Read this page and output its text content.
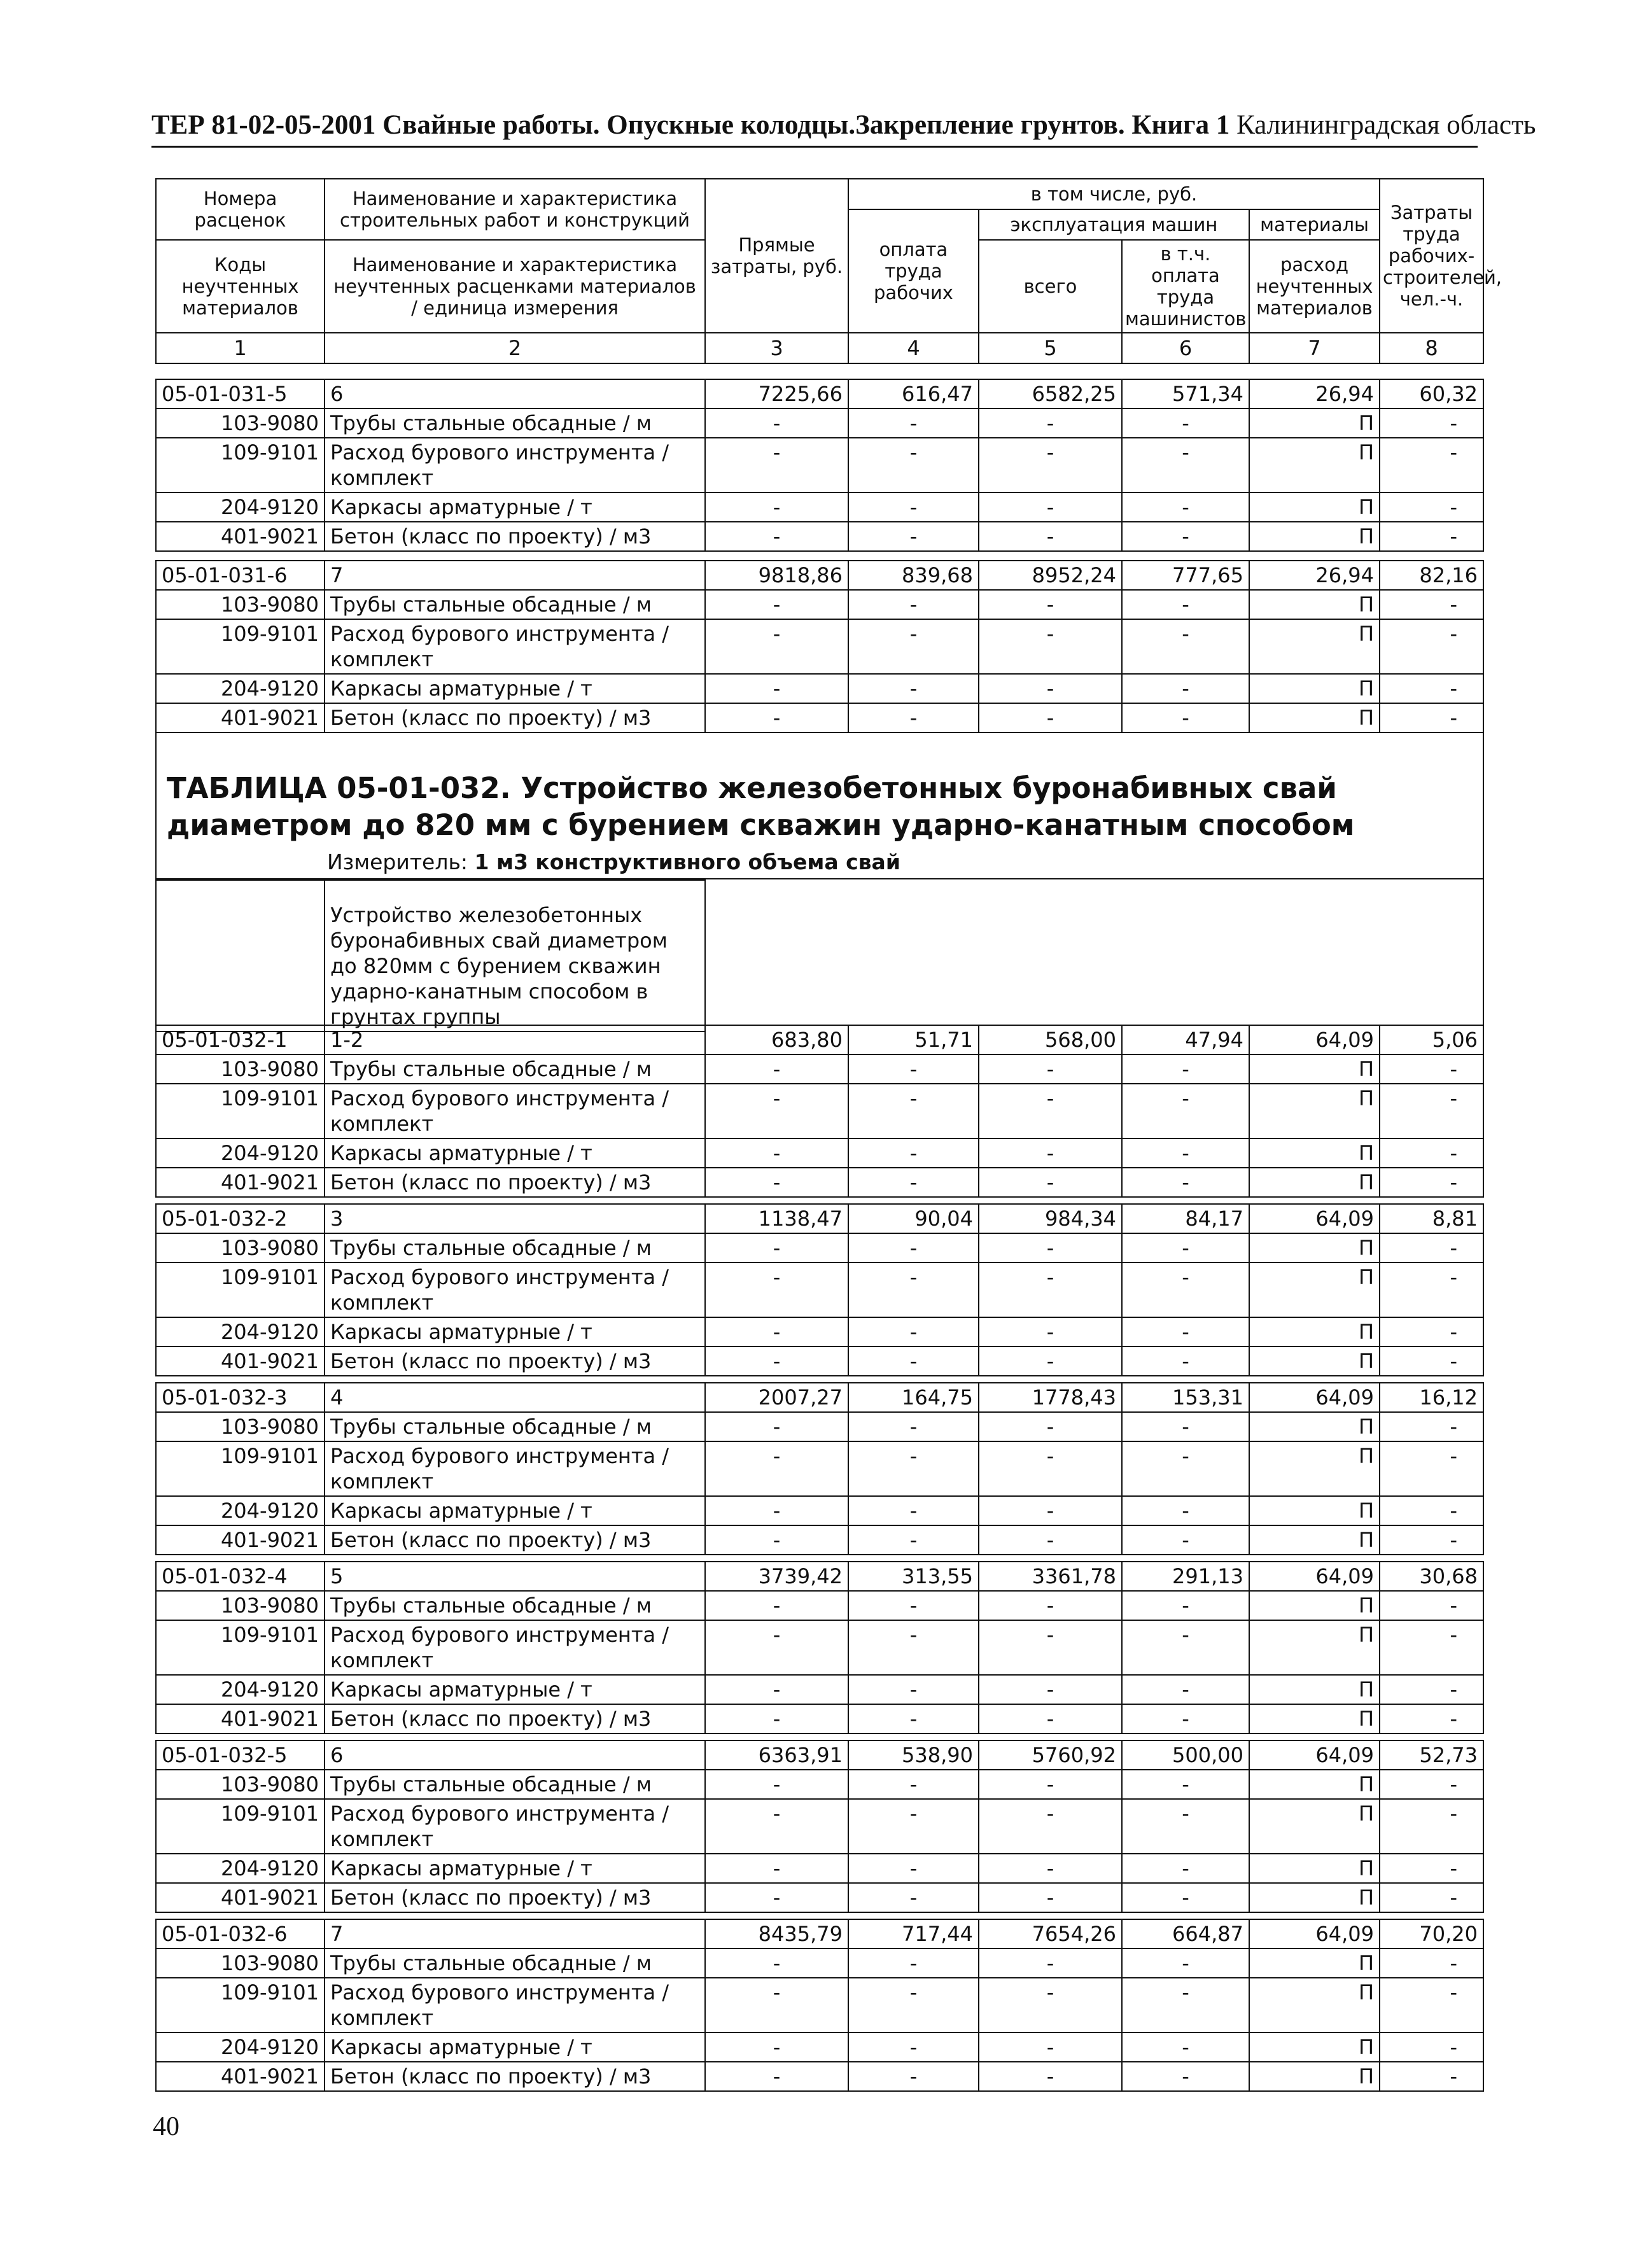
ТЕР 81-02-05-2001 Свайные работы. Опускные колодцы.Закрепление грунтов. Книга 1 Калининградская область
Номера расценок	Наименование и характеристика строительных работ и конструкций	Прямые затраты, руб.	в том числе, руб.				Затраты труда рабочих-строителей, чел.-ч.
			оплата труда рабочих	эксплуатация машин		материалы	
Коды неучтенных материалов	Наименование и характеристика неучтенных расценками материалов / единица измерения			всего	в т.ч. оплата труда машинистов	расход неучтенных материалов	

1	2	3	4	5	6	7	8
05-01-031-5	6	7225,66	616,47	6582,25	571,34	26,94	60,32
103-9080	Трубы стальные обсадные / м	-	-	-	-	П	-
109-9101	Расход бурового инструмента / комплект	-	-	-	-	П	-
204-9120	Каркасы арматурные / т	-	-	-	-	П	-
401-9021	Бетон (класс по проекту) / м3	-	-	-	-	П	-
05-01-031-6	7	9818,86	839,68	8952,24	777,65	26,94	82,16
103-9080	Трубы стальные обсадные / м	-	-	-	-	П	-
109-9101	Расход бурового инструмента / комплект	-	-	-	-	П	-
204-9120	Каркасы арматурные / т	-	-	-	-	П	-
401-9021	Бетон (класс по проекту) / м3	-	-	-	-	П	-
ТАБЛИЦА 05-01-032. Устройство железобетонных буронабивных свай диаметром до 820 мм с бурением скважин ударно-канатным способом
Измеритель: 1 м3 конструктивного объема свай
	Устройство железобетонных буронабивных свай диаметром до 820мм с бурением скважин ударно-канатным способом в грунтах группы						
05-01-032-1	1-2	683,80	51,71	568,00	47,94	64,09	5,06
103-9080	Трубы стальные обсадные / м	-	-	-	-	П	-
109-9101	Расход бурового инструмента / комплект	-	-	-	-	П	-
204-9120	Каркасы арматурные / т	-	-	-	-	П	-
401-9021	Бетон (класс по проекту) / м3	-	-	-	-	П	-
05-01-032-2	3	1138,47	90,04	984,34	84,17	64,09	8,81
103-9080	Трубы стальные обсадные / м	-	-	-	-	П	-
109-9101	Расход бурового инструмента / комплект	-	-	-	-	П	-
204-9120	Каркасы арматурные / т	-	-	-	-	П	-
401-9021	Бетон (класс по проекту) / м3	-	-	-	-	П	-
05-01-032-3	4	2007,27	164,75	1778,43	153,31	64,09	16,12
103-9080	Трубы стальные обсадные / м	-	-	-	-	П	-
109-9101	Расход бурового инструмента / комплект	-	-	-	-	П	-
204-9120	Каркасы арматурные / т	-	-	-	-	П	-
401-9021	Бетон (класс по проекту) / м3	-	-	-	-	П	-
05-01-032-4	5	3739,42	313,55	3361,78	291,13	64,09	30,68
103-9080	Трубы стальные обсадные / м	-	-	-	-	П	-
109-9101	Расход бурового инструмента / комплект	-	-	-	-	П	-
204-9120	Каркасы арматурные / т	-	-	-	-	П	-
401-9021	Бетон (класс по проекту) / м3	-	-	-	-	П	-
05-01-032-5	6	6363,91	538,90	5760,92	500,00	64,09	52,73
103-9080	Трубы стальные обсадные / м	-	-	-	-	П	-
109-9101	Расход бурового инструмента / комплект	-	-	-	-	П	-
204-9120	Каркасы арматурные / т	-	-	-	-	П	-
401-9021	Бетон (класс по проекту) / м3	-	-	-	-	П	-
05-01-032-6	7	8435,79	717,44	7654,26	664,87	64,09	70,20
103-9080	Трубы стальные обсадные / м	-	-	-	-	П	-
109-9101	Расход бурового инструмента / комплект	-	-	-	-	П	-
204-9120	Каркасы арматурные / т	-	-	-	-	П	-
401-9021	Бетон (класс по проекту) / м3	-	-	-	-	П	-
40
